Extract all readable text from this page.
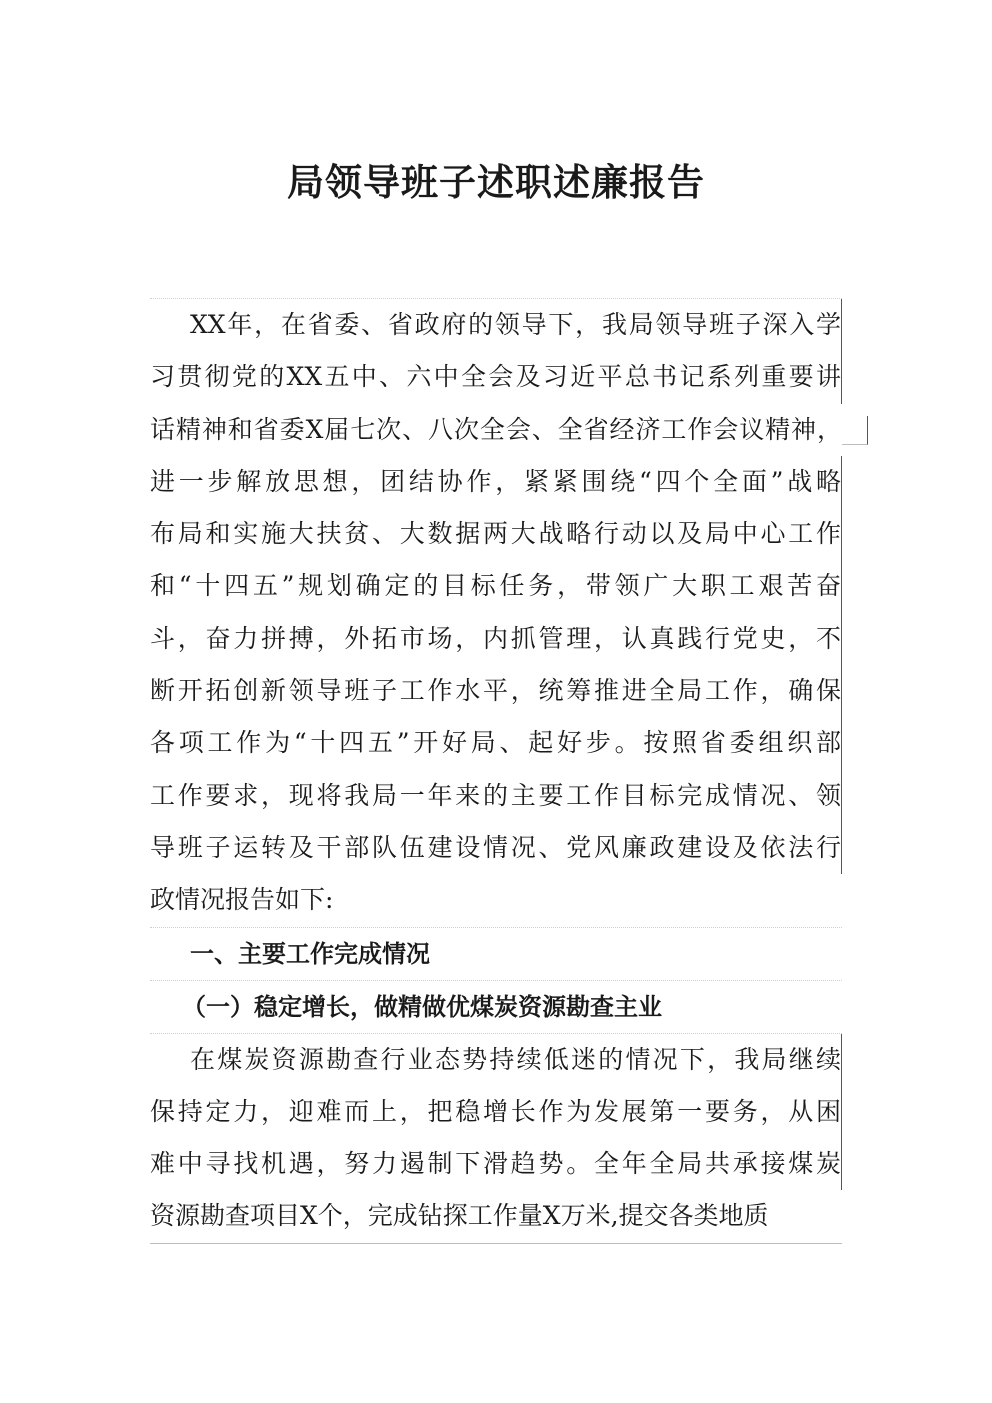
局领导班子述职述廉报告
XX年，在省委、省政府的领导下，我局领导班子深入学
习贯彻党的XX五中、六中全会及习近平总书记系列重要讲
话精神和省委X届七次、八次全会、全省经济工作会议精神，
进一步解放思想，团结协作，紧紧围绕“四个全面”战略
布局和实施大扶贫、大数据两大战略行动以及局中心工作
和“十四五”规划确定的目标任务，带领广大职工艰苦奋
斗，奋力拼搏，外拓市场，内抓管理，认真践行党史，不
断开拓创新领导班子工作水平，统筹推进全局工作，确保
各项工作为“十四五”开好局、起好步。按照省委组织部
工作要求，现将我局一年来的主要工作目标完成情况、领
导班子运转及干部队伍建设情况、党风廉政建设及依法行
政情况报告如下:
一、主要工作完成情况
（一）稳定增长，做精做优煤炭资源勘查主业
在煤炭资源勘查行业态势持续低迷的情况下，我局继续
保持定力，迎难而上，把稳增长作为发展第一要务，从困
难中寻找机遇，努力遏制下滑趋势。全年全局共承接煤炭
资源勘查项目X个，完成钻探工作量X万米,提交各类地质
